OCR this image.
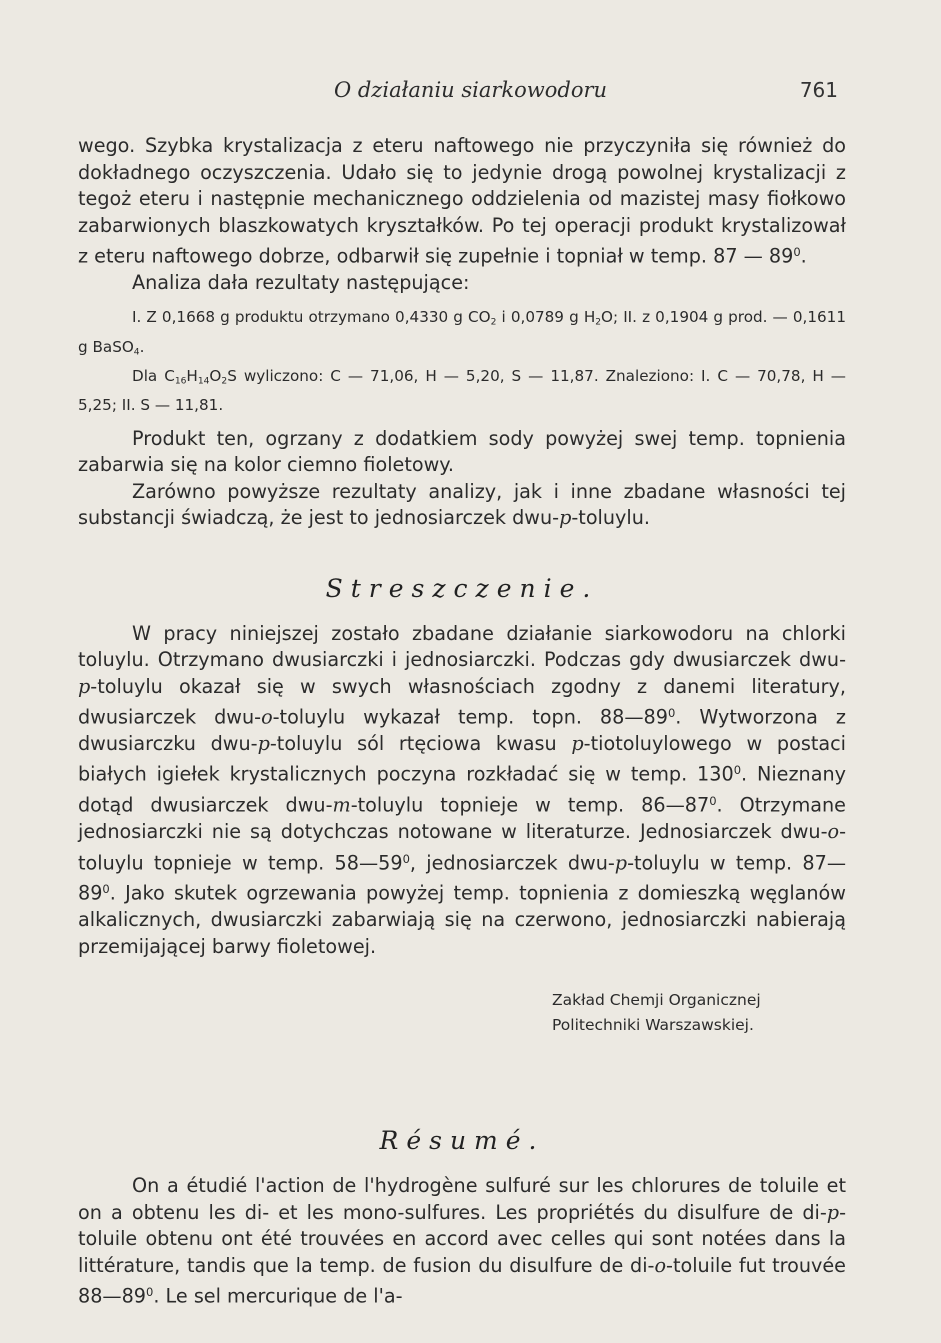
O działaniu siarkowodoru	761

wego. Szybka krystalizacja z eteru naftowego nie przyczyniła się również do dokładnego oczyszczenia. Udało się to jedynie drogą powolnej krystalizacji z tegoż eteru i następnie mechanicznego oddzielenia od mazistej masy fiołkowo zabarwionych blaszkowatych kryształków. Po tej operacji produkt krystalizował z eteru naftowego dobrze, odbarwił się zupełnie i topniał w temp. 87 — $89^0$.

Analiza dała rezultaty następujące:

I. Z 0,1668 g produktu otrzymano 0,4330 g $CO_2$ i 0,0789 g $H_2O$; II. z 0,1904 g prod. — 0,1611 g BaSO$_4$.

Dla $C_{16}H_{14}O_2S$ wyliczono: C — 71,06, H — 5,20, S — 11,87. Znaleziono: I. C — 70,78, H — 5,25; II. S — 11,81.

Produkt ten, ogrzany z dodatkiem sody powyżej swej temp. topnienia zabarwia się na kolor ciemno fioletowy.

Zarówno powyższe rezultaty analizy, jak i inne zbadane własności tej substancji świadczą, że jest to jednosiarczek dwu-p-toluylu.

Streszczenie.

W pracy niniejszej zostało zbadane działanie siarkowodoru na chlorki toluylu. Otrzymano dwusiarczki i jednosiarczki. Podczas gdy dwusiarczek dwu-p-toluylu okazał się w swych własnościach zgodny z danemi literatury, dwusiarczek dwu-o-toluylu wykazał temp. topn. $88—89^0$. Wytworzona z dwusiarczku dwu-p-toluylu sól rtęciowa kwasu p-tiotoluylowego w postaci białych igiełek krystalicznych poczyna rozkładać się w temp. $130^0$. Nieznany dotąd dwusiarczek dwu-m-toluylu topnieje w temp. $86—87^0$. Otrzymane jednosiarczki nie są dotychczas notowane w literaturze. Jednosiarczek dwu-o-toluylu topnieje w temp. $58—59^0$, jednosiarczek dwu-p-toluylu w temp. $87—89^0$. Jako skutek ogrzewania powyżej temp. topnienia z domieszką węglanów alkalicznych, dwusiarczki zabarwiają się na czerwono, jednosiarczki nabierają przemijającej barwy fioletowej.

Zakład Chemji Organicznej
Politechniki Warszawskiej.
Résumé.

On a étudié l'action de l'hydrogène sulfuré sur les chlorures de toluile et on a obtenu les di- et les mono-sulfures. Les propriétés du disulfure de di-p-toluile obtenu ont été trouvées en accord avec celles qui sont notées dans la littérature, tandis que la temp. de fusion du disulfure de di-o-toluile fut trouvée $88—89^0$. Le sel mercurique de l'a-
